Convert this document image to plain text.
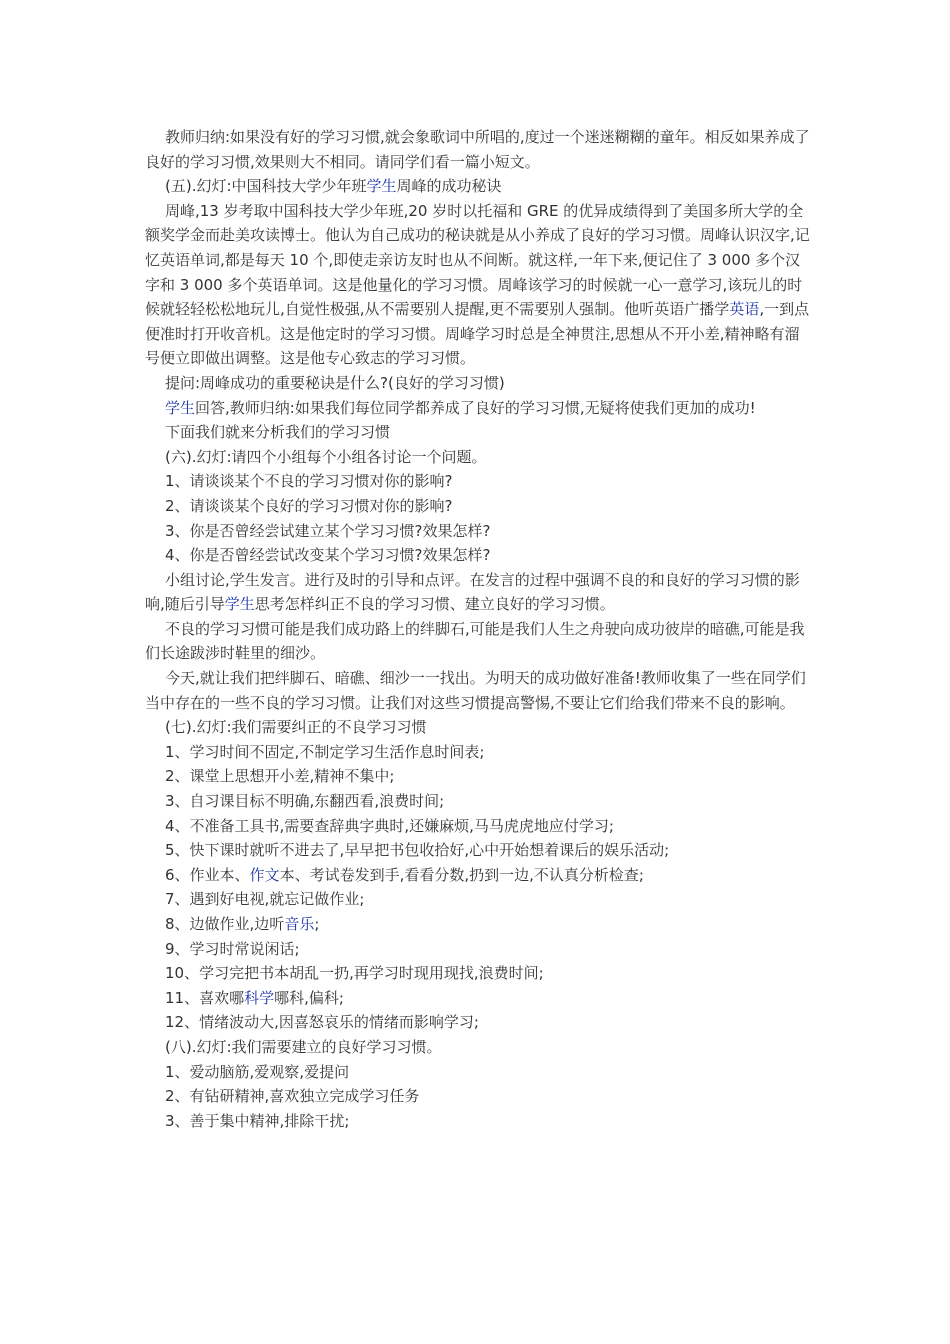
教师归纳:如果没有好的学习习惯,就会象歌词中所唱的,度过一个迷迷糊糊的童年。相反如果养成了良好的学习习惯,效果则大不相同。请同学们看一篇小短文。

(五).幻灯:中国科技大学少年班学生周峰的成功秘诀

周峰,13 岁考取中国科技大学少年班,20 岁时以托福和 GRE 的优异成绩得到了美国多所大学的全额奖学金而赴美攻读博士。他认为自己成功的秘诀就是从小养成了良好的学习习惯。周峰认识汉字,记忆英语单词,都是每天 10 个,即使走亲访友时也从不间断。就这样,一年下来,便记住了 3 000 多个汉字和 3 000 多个英语单词。这是他量化的学习习惯。周峰该学习的时候就一心一意学习,该玩儿的时候就轻轻松松地玩儿,自觉性极强,从不需要别人提醒,更不需要别人强制。他听英语广播学英语,一到点便准时打开收音机。这是他定时的学习习惯。周峰学习时总是全神贯注,思想从不开小差,精神略有溜号便立即做出调整。这是他专心致志的学习习惯。

提问:周峰成功的重要秘诀是什么?(良好的学习习惯)

学生回答,教师归纳:如果我们每位同学都养成了良好的学习习惯,无疑将使我们更加的成功!

下面我们就来分析我们的学习习惯

(六).幻灯:请四个小组每个小组各讨论一个问题。

1、请谈谈某个不良的学习习惯对你的影响?

2、请谈谈某个良好的学习习惯对你的影响?

3、你是否曾经尝试建立某个学习习惯?效果怎样?

4、你是否曾经尝试改变某个学习习惯?效果怎样?

小组讨论,学生发言。进行及时的引导和点评。在发言的过程中强调不良的和良好的学习习惯的影响,随后引导学生思考怎样纠正不良的学习习惯、建立良好的学习习惯。

不良的学习习惯可能是我们成功路上的绊脚石,可能是我们人生之舟驶向成功彼岸的暗礁,可能是我们长途跋涉时鞋里的细沙。

今天,就让我们把绊脚石、暗礁、细沙一一找出。为明天的成功做好准备!教师收集了一些在同学们当中存在的一些不良的学习习惯。让我们对这些习惯提高警惕,不要让它们给我们带来不良的影响。

(七).幻灯:我们需要纠正的不良学习习惯

1、学习时间不固定,不制定学习生活作息时间表;

2、课堂上思想开小差,精神不集中;

3、自习课目标不明确,东翻西看,浪费时间;

4、不准备工具书,需要查辞典字典时,还嫌麻烦,马马虎虎地应付学习;

5、快下课时就听不进去了,早早把书包收拾好,心中开始想着课后的娱乐活动;

6、作业本、作文本、考试卷发到手,看看分数,扔到一边,不认真分析检查;

7、遇到好电视,就忘记做作业;

8、边做作业,边听音乐;

9、学习时常说闲话;

10、学习完把书本胡乱一扔,再学习时现用现找,浪费时间;

11、喜欢哪科学哪科,偏科;

12、情绪波动大,因喜怒哀乐的情绪而影响学习;

(八).幻灯:我们需要建立的良好学习习惯。

1、爱动脑筋,爱观察,爱提问

2、有钻研精神,喜欢独立完成学习任务

3、善于集中精神,排除干扰;
